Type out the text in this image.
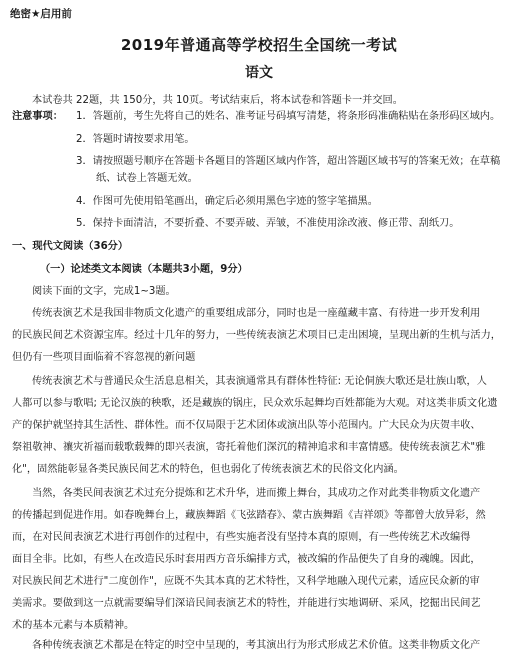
绝密★启用前
2019年普通高等学校招生全国统一考试
语文
本试卷共 22题，共 150分，共 10页。考试结束后，将本试卷和答题卡一并交回。
注意事项： 1．答题前，考生先将自己的姓名、准考证号码填写清楚，将条形码准确粘贴在条形码区域内。
2．答题时请按要求用笔。
3．请按照题号顺序在答题卡各题目的答题区域内作答，超出答题区域书写的答案无效；在草稿
纸、试卷上答题无效。
4．作图可先使用铅笔画出，确定后必须用黑色字迹的签字笔描黑。
5．保持卡面清洁，不要折叠、不要弄破、弄皱，不准使用涂改液、修正带、刮纸刀。
一、现代文阅读（36分）
（一）论述类文本阅读（本题共3小题，9分）
阅读下面的文字，完成1~3题。
传统表演艺术是我国非物质文化遗产的重要组成部分，同时也是一座蕴藏丰富、有待进一步开发利用
的民族民间艺术资源宝库。经过十几年的努力，一些传统表演艺术项目已走出困境，呈现出新的生机与活力，
但仍有一些项目面临着不容忽视的新问题
传统表演艺术与普通民众生活息息相关，其表演通常具有群体性特征: 无论侗族大歌还是壮族山歌，人
人都可以参与歌唱; 无论汉族的秧歌，还是藏族的锅庄，民众欢乐起舞均百姓都能为大观。对这类非质文化遗
产的保护就坚持其生活性、群体性。而不仅局限于艺术团体或演出队等小范围内。广大民众为庆贺丰收、
祭祖敬神、禳灾祈福而载歌载舞的即兴表演，寄托着他们深沉的精神追求和丰富情感。使传统表演艺术"雅
化"，固然能彰显各类民族民间艺术的特色，但也弱化了传统表演艺术的民俗文化内涵。
当然，各类民间表演艺术过充分提炼和艺术升华，进而搬上舞台，其成功之作对此类非物质文化遗产
的传播起到促进作用。如春晚舞台上，藏族舞蹈《飞弦踏春》、蒙古族舞蹈《吉祥颂》等都曾大放异彩，然
而，在对民间表演艺术进行再创作的过程中，有些实施者没有坚持本真的原则，有一些传统艺术改编得
面目全非。比如，有些人在改造民乐时套用西方音乐编排方式，被改编的作品便失了自身的魂魄。因此，
对民族民间艺术进行"二度创作"，应既不失其本真的艺术特性，又科学地融入现代元素，适应民众新的审
美需求。要做到这一点就需要编导们深谙民间表演艺术的特性，并能进行实地调研、采风，挖掘出民间艺
术的基本元素与本质精神。
各种传统表演艺术都是在特定的时空中呈现的，考其演出行为形式形成艺术价值。这类非物质文化产
